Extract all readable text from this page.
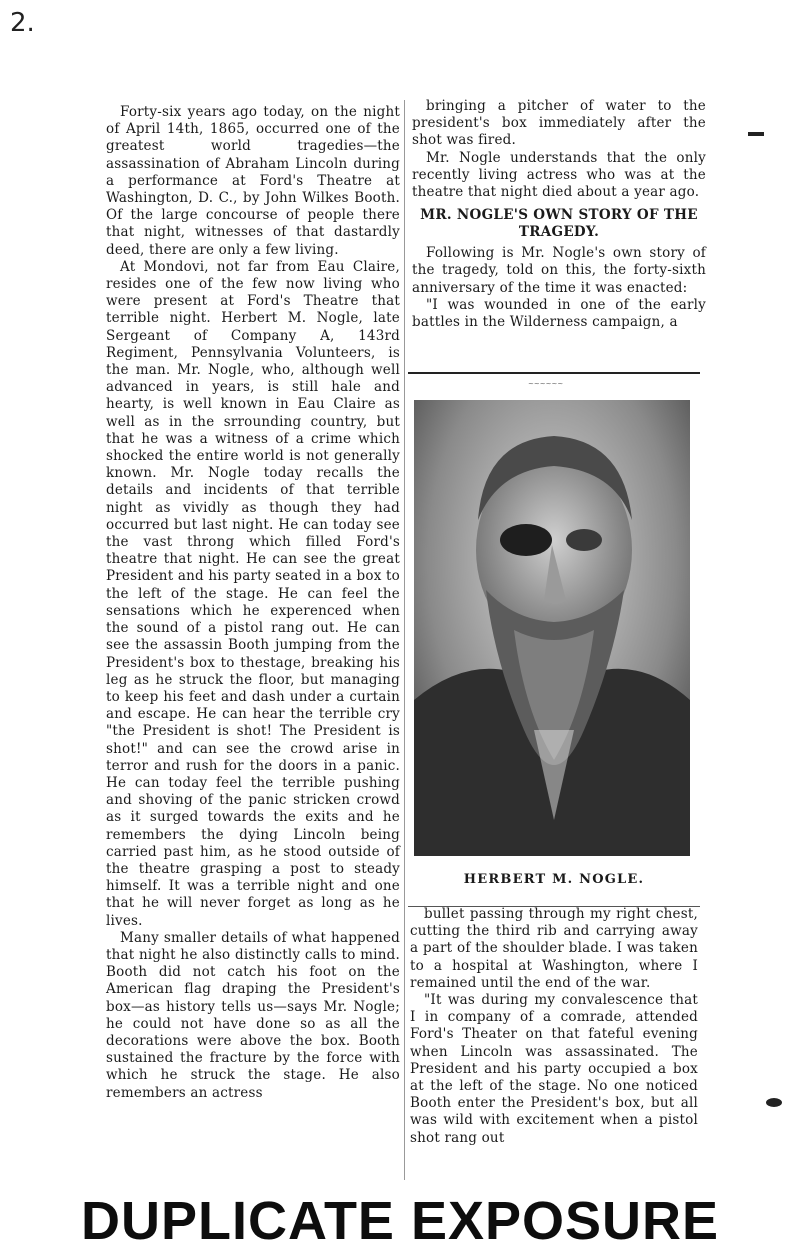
2.

Forty-six years ago today, on the night of April 14th, 1865, occurred one of the greatest world tragedies—the assassination of Abraham Lincoln during a performance at Ford's Theatre at Washington, D. C., by John Wilkes Booth. Of the large concourse of people there that night, witnesses of that dastardly deed, there are only a few living.

At Mondovi, not far from Eau Claire, resides one of the few now living who were present at Ford's Theatre that terrible night. Herbert M. Nogle, late Sergeant of Company A, 143rd Regiment, Pennsylvania Volunteers, is the man. Mr. Nogle, who, although well advanced in years, is still hale and hearty, is well known in Eau Claire as well as in the srrounding country, but that he was a witness of a crime which shocked the entire world is not generally known. Mr. Nogle today recalls the details and incidents of that terrible night as vividly as though they had occurred but last night. He can today see the vast throng which filled Ford's theatre that night. He can see the great President and his party seated in a box to the left of the stage. He can feel the sensations which he experenced when the sound of a pistol rang out. He can see the assassin Booth jumping from the President's box to thestage, breaking his leg as he struck the floor, but managing to keep his feet and dash under a curtain and escape. He can hear the terrible cry "the President is shot! The President is shot!" and can see the crowd arise in terror and rush for the doors in a panic. He can today feel the terrible pushing and shoving of the panic stricken crowd as it surged towards the exits and he remembers the dying Lincoln being carried past him, as he stood outside of the theatre grasping a post to steady himself. It was a terrible night and one that he will never forget as long as he lives.

Many smaller details of what happened that night he also distinctly calls to mind. Booth did not catch his foot on the American flag draping the President's box—as history tells us—says Mr. Nogle; he could not have done so as all the decorations were above the box. Booth sustained the fracture by the force with which he struck the stage. He also remembers an actress

bringing a pitcher of water to the president's box immediately after the shot was fired.

Mr. Nogle understands that the only recently living actress who was at the theatre that night died about a year ago.

MR. NOGLE'S OWN STORY OF THE TRAGEDY.

Following is Mr. Nogle's own story of the tragedy, told on this, the forty-sixth anniversary of the time it was enacted:

"I was wounded in one of the early battles in the Wilderness campaign, a

~~~~~~
HERBERT M. NOGLE.

bullet passing through my right chest, cutting the third rib and carrying away a part of the shoulder blade. I was taken to a hospital at Washington, where I remained until the end of the war.

"It was during my convalescence that I in company of a comrade, attended Ford's Theater on that fateful evening when Lincoln was assassinated. The President and his party occupied a box at the left of the stage. No one noticed Booth enter the President's box, but all was wild with excitement when a pistol shot rang out

DUPLICATE EXPOSURE
